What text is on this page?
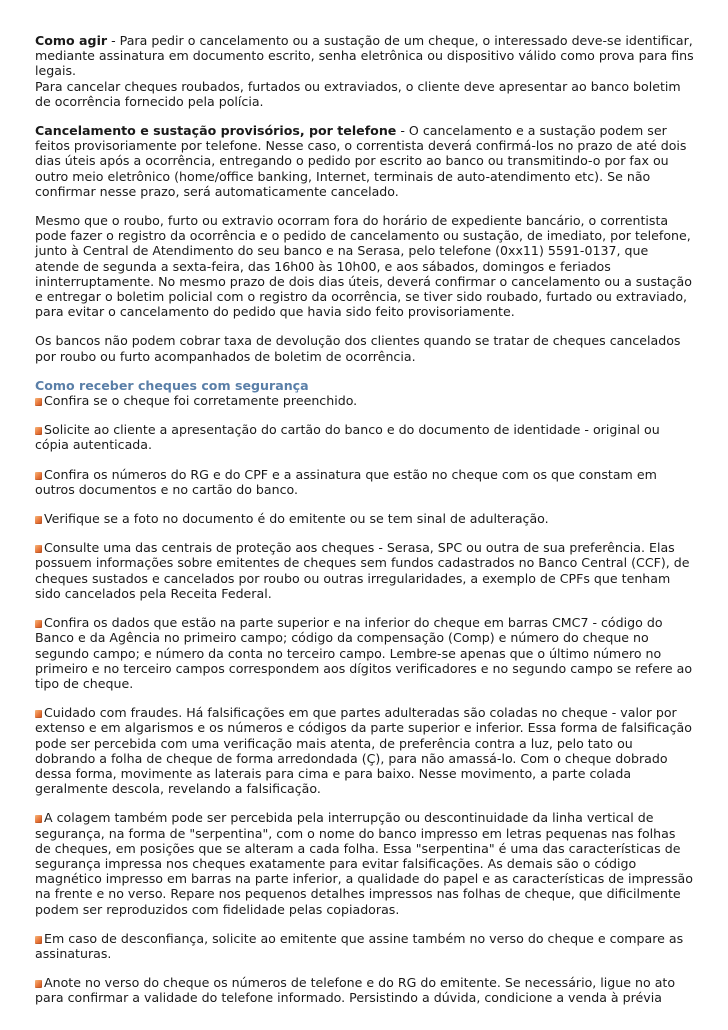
Como agir - Para pedir o cancelamento ou a sustação de um cheque, o interessado deve-se identificar, mediante assinatura em documento escrito, senha eletrônica ou dispositivo válido como prova para fins legais.

Para cancelar cheques roubados, furtados ou extraviados, o cliente deve apresentar ao banco boletim de ocorrência fornecido pela polícia.

Cancelamento e sustação provisórios, por telefone - O cancelamento e a sustação podem ser feitos provisoriamente por telefone. Nesse caso, o correntista deverá confirmá-los no prazo de até dois dias úteis após a ocorrência, entregando o pedido por escrito ao banco ou transmitindo-o por fax ou outro meio eletrônico (home/office banking, Internet, terminais de auto-atendimento etc). Se não confirmar nesse prazo, será automaticamente cancelado.

Mesmo que o roubo, furto ou extravio ocorram fora do horário de expediente bancário, o correntista pode fazer o registro da ocorrência e o pedido de cancelamento ou sustação, de imediato, por telefone, junto à Central de Atendimento do seu banco e na Serasa, pelo telefone (0xx11) 5591-0137, que atende de segunda a sexta-feira, das 16h00 às 10h00, e aos sábados, domingos e feriados ininterruptamente. No mesmo prazo de dois dias úteis, deverá confirmar o cancelamento ou a sustação e entregar o boletim policial com o registro da ocorrência, se tiver sido roubado, furtado ou extraviado, para evitar o cancelamento do pedido que havia sido feito provisoriamente.

Os bancos não podem cobrar taxa de devolução dos clientes quando se tratar de cheques cancelados por roubo ou furto acompanhados de boletim de ocorrência.

Como receber cheques com segurança
Confira se o cheque foi corretamente preenchido.
Solicite ao cliente a apresentação do cartão do banco e do documento de identidade - original ou cópia autenticada.
Confira os números do RG e do CPF e a assinatura que estão no cheque com os que constam em outros documentos e no cartão do banco.
Verifique se a foto no documento é do emitente ou se tem sinal de adulteração.
Consulte uma das centrais de proteção aos cheques - Serasa, SPC ou outra de sua preferência. Elas possuem informações sobre emitentes de cheques sem fundos cadastrados no Banco Central (CCF), de cheques sustados e cancelados por roubo ou outras irregularidades, a exemplo de CPFs que tenham sido cancelados pela Receita Federal.
Confira os dados que estão na parte superior e na inferior do cheque em barras CMC7 - código do Banco e da Agência no primeiro campo; código da compensação (Comp) e número do cheque no segundo campo; e número da conta no terceiro campo. Lembre-se apenas que o último número no primeiro e no terceiro campos correspondem aos dígitos verificadores e no segundo campo se refere ao tipo de cheque.
Cuidado com fraudes. Há falsificações em que partes adulteradas são coladas no cheque - valor por extenso e em algarismos e os números e códigos da parte superior e inferior. Essa forma de falsificação pode ser percebida com uma verificação mais atenta, de preferência contra a luz, pelo tato ou dobrando a folha de cheque de forma arredondada (Ç), para não amassá-lo. Com o cheque dobrado dessa forma, movimente as laterais para cima e para baixo. Nesse movimento, a parte colada geralmente descola, revelando a falsificação.
A colagem também pode ser percebida pela interrupção ou descontinuidade da linha vertical de segurança, na forma de "serpentina", com o nome do banco impresso em letras pequenas nas folhas de cheques, em posições que se alteram a cada folha. Essa "serpentina" é uma das características de segurança impressa nos cheques exatamente para evitar falsificações. As demais são o código magnético impresso em barras na parte inferior, a qualidade do papel e as características de impressão na frente e no verso. Repare nos pequenos detalhes impressos nas folhas de cheque, que dificilmente podem ser reproduzidos com fidelidade pelas copiadoras.
Em caso de desconfiança, solicite ao emitente que assine também no verso do cheque e compare as assinaturas.
Anote no verso do cheque os números de telefone e do RG do emitente. Se necessário, ligue no ato para confirmar a validade do telefone informado. Persistindo a dúvida, condicione a venda à prévia
